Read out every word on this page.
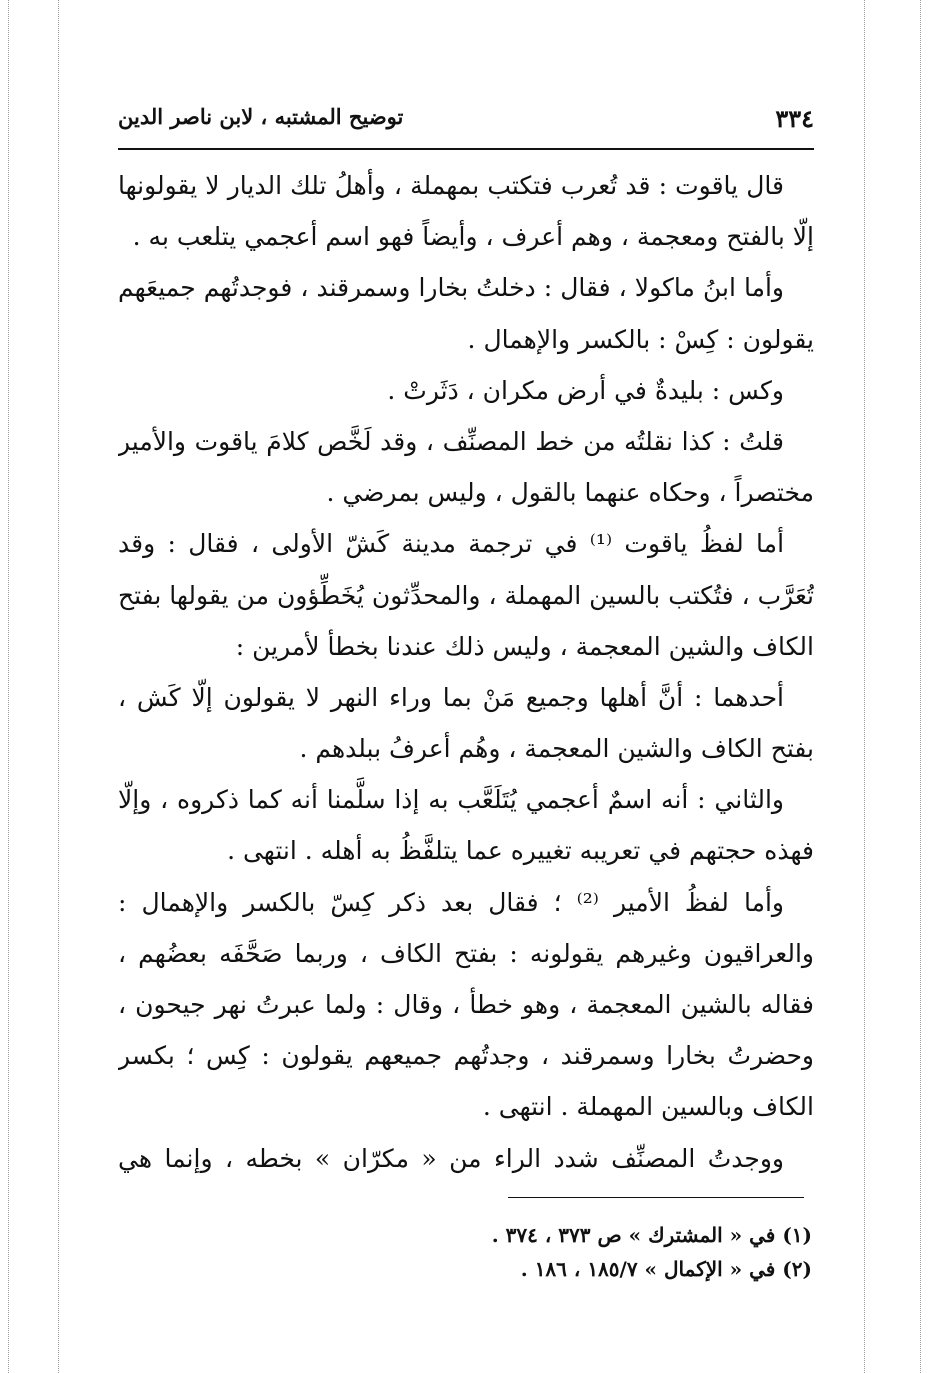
٣٣٤
توضيح المشتبه ، لابن ناصر الدين
قال ياقوت : قد تُعرب فتكتب بمهملة ، وأهلُ تلك الديار لا يقولونها
إلّا بالفتح ومعجمة ، وهم أعرف ، وأيضاً فهو اسم أعجمي يتلعب به .
وأما ابنُ ماكولا ، فقال : دخلتُ بخارا وسمرقند ، فوجدتُهم جميعَهم
يقولون : كِسْ : بالكسر والإهمال .
وكس : بليدةٌ في أرض مكران ، دَثَرتْ .
قلتُ : كذا نقلتُه من خط المصنِّف ، وقد لَخَّص كلامَ ياقوت والأمير
مختصراً ، وحكاه عنهما بالقول ، وليس بمرضي .
أما لفظُ ياقوت ⁽¹⁾ في ترجمة مدينة كَشّ الأولى ، فقال : وقد
تُعَرَّب ، فتُكتب بالسين المهملة ، والمحدِّثون يُخَطِّؤون من يقولها بفتح
الكاف والشين المعجمة ، وليس ذلك عندنا بخطأ لأمرين :
أحدهما : أنَّ أهلها وجميع مَنْ بما وراء النهر لا يقولون إلّا كَش ،
بفتح الكاف والشين المعجمة ، وهُم أعرفُ ببلدهم .
والثاني : أنه اسمٌ أعجمي يُتَلَعَّب به إذا سلَّمنا أنه كما ذكروه ، وإلّا
فهذه حجتهم في تعريبه تغييره عما يتلفَّظُ به أهله . انتهى .
وأما لفظُ الأمير ⁽²⁾ ؛ فقال بعد ذكر كِسّ بالكسر والإهمال :
والعراقيون وغيرهم يقولونه : بفتح الكاف ، وربما صَحَّفَه بعضُهم ،
فقاله بالشين المعجمة ، وهو خطأ ، وقال : ولما عبرتُ نهر جيحون ،
وحضرتُ بخارا وسمرقند ، وجدتُهم جميعهم يقولون : كِس ؛ بكسر
الكاف وبالسين المهملة . انتهى .
ووجدتُ المصنِّف شدد الراء من « مكرّان » بخطه ، وإنما هي
(١) في « المشترك » ص ٣٧٣ ، ٣٧٤ .
(٢) في « الإكمال » ١٨٥/٧ ، ١٨٦ .
